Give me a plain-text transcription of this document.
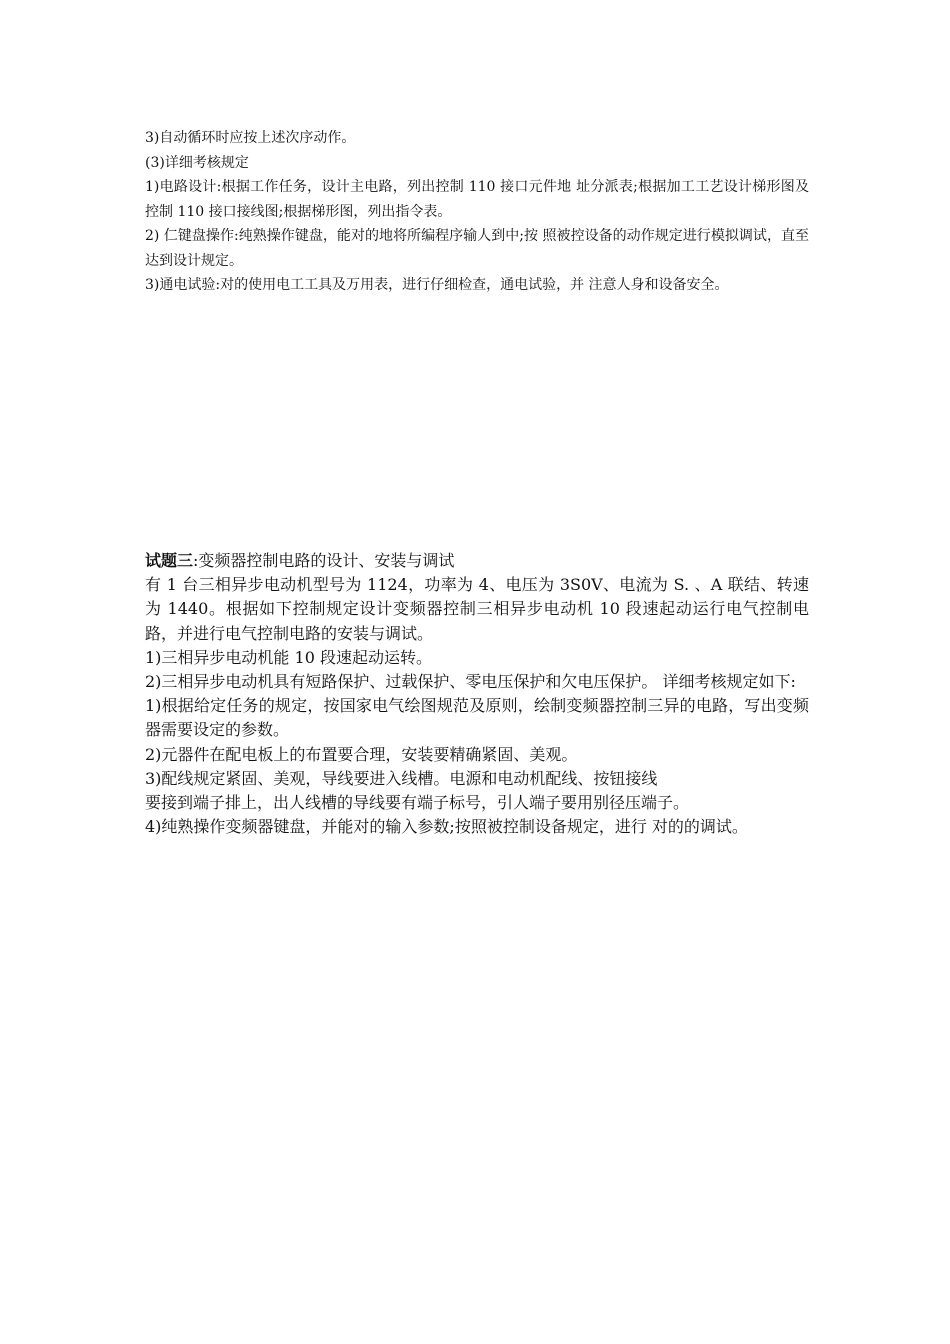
3)自动循环时应按上述次序动作。

(3)详细考核规定

1)电路设计:根据工作任务，设计主电路，列出控制 110 接口元件地 址分派表;根据加工工艺设计梯形图及控制 110 接口接线图;根据梯形图，列出指令表。

2) 仁键盘操作:纯熟操作键盘，能对的地将所编程序输人到中;按 照被控设备的动作规定进行模拟调试，直至达到设计规定。

3)通电试验:对的使用电工工具及万用表，进行仔细检查，通电试验，并 注意人身和设备安全。

试题三:变频器控制电路的设计、安装与调试

有 1 台三相异步电动机型号为 1124，功率为 4、电压为 3S0V、电流为 S. 、A 联结、转速为 1440。根据如下控制规定设计变频器控制三相异步电动机 10 段速起动运行电气控制电路，并进行电气控制电路的安装与调试。

1)三相异步电动机能 10 段速起动运转。

2)三相异步电动机具有短路保护、过载保护、零电压保护和欠电压保护。 详细考核规定如下:

1)根据给定任务的规定，按国家电气绘图规范及原则，绘制变频器控制三异的电路，写出变频器需要设定的参数。

2)元器件在配电板上的布置要合理，安装要精确紧固、美观。

3)配线规定紧固、美观，导线要进入线槽。电源和电动机配线、按钮接线

要接到端子排上，出人线槽的导线要有端子标号，引人端子要用别径压端子。

4)纯熟操作变频器键盘，并能对的输入参数;按照被控制设备规定，进行 对的的调试。
